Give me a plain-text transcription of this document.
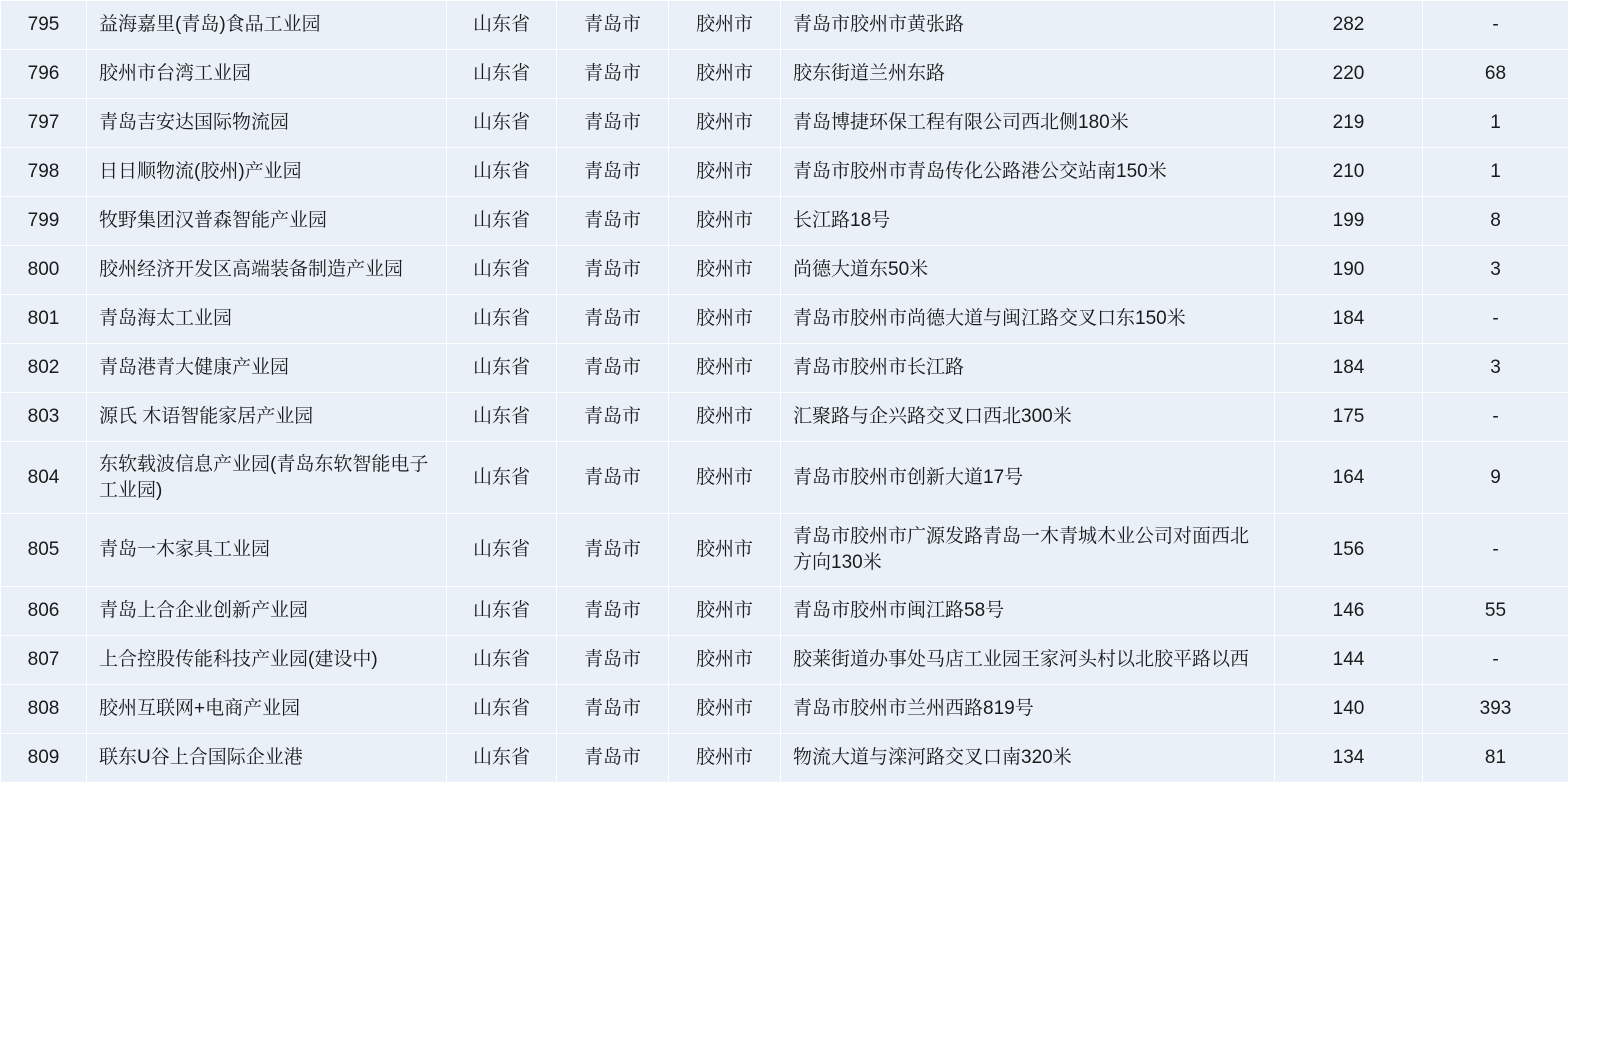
795	益海嘉里(青岛)食品工业园	山东省	青岛市	胶州市	青岛市胶州市黄张路	282	-
796	胶州市台湾工业园	山东省	青岛市	胶州市	胶东街道兰州东路	220	68
797	青岛吉安达国际物流园	山东省	青岛市	胶州市	青岛博捷环保工程有限公司西北侧180米	219	1
798	日日顺物流(胶州)产业园	山东省	青岛市	胶州市	青岛市胶州市青岛传化公路港公交站南150米	210	1
799	牧野集团汉普森智能产业园	山东省	青岛市	胶州市	长江路18号	199	8
800	胶州经济开发区高端装备制造产业园	山东省	青岛市	胶州市	尚德大道东50米	190	3
801	青岛海太工业园	山东省	青岛市	胶州市	青岛市胶州市尚德大道与闽江路交叉口东150米	184	-
802	青岛港青大健康产业园	山东省	青岛市	胶州市	青岛市胶州市长江路	184	3
803	源氏 木语智能家居产业园	山东省	青岛市	胶州市	汇聚路与企兴路交叉口西北300米	175	-
804	东软载波信息产业园(青岛东软智能电子工业园)	山东省	青岛市	胶州市	青岛市胶州市创新大道17号	164	9
805	青岛一木家具工业园	山东省	青岛市	胶州市	青岛市胶州市广源发路青岛一木青城木业公司对面西北方向130米	156	-
806	青岛上合企业创新产业园	山东省	青岛市	胶州市	青岛市胶州市闽江路58号	146	55
807	上合控股传能科技产业园(建设中)	山东省	青岛市	胶州市	胶莱街道办事处马店工业园王家河头村以北胶平路以西	144	-
808	胶州互联网+电商产业园	山东省	青岛市	胶州市	青岛市胶州市兰州西路819号	140	393
809	联东U谷上合国际企业港	山东省	青岛市	胶州市	物流大道与滦河路交叉口南320米	134	81
